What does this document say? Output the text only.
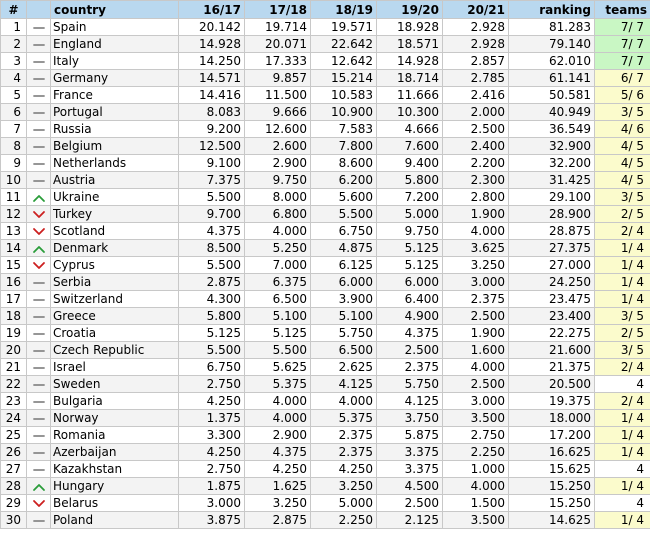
#		country	16/17	17/18	18/19	19/20	20/21	ranking	teams
1		Spain	20.142	19.714	19.571	18.928	2.928	81.283	7/ 7
2		England	14.928	20.071	22.642	18.571	2.928	79.140	7/ 7
3		Italy	14.250	17.333	12.642	14.928	2.857	62.010	7/ 7
4		Germany	14.571	9.857	15.214	18.714	2.785	61.141	6/ 7
5		France	14.416	11.500	10.583	11.666	2.416	50.581	5/ 6
6		Portugal	8.083	9.666	10.900	10.300	2.000	40.949	3/ 5
7		Russia	9.200	12.600	7.583	4.666	2.500	36.549	4/ 6
8		Belgium	12.500	2.600	7.800	7.600	2.400	32.900	4/ 5
9		Netherlands	9.100	2.900	8.600	9.400	2.200	32.200	4/ 5
10		Austria	7.375	9.750	6.200	5.800	2.300	31.425	4/ 5
11		Ukraine	5.500	8.000	5.600	7.200	2.800	29.100	3/ 5
12		Turkey	9.700	6.800	5.500	5.000	1.900	28.900	2/ 5
13		Scotland	4.375	4.000	6.750	9.750	4.000	28.875	2/ 4
14		Denmark	8.500	5.250	4.875	5.125	3.625	27.375	1/ 4
15		Cyprus	5.500	7.000	6.125	5.125	3.250	27.000	1/ 4
16		Serbia	2.875	6.375	6.000	6.000	3.000	24.250	1/ 4
17		Switzerland	4.300	6.500	3.900	6.400	2.375	23.475	1/ 4
18		Greece	5.800	5.100	5.100	4.900	2.500	23.400	3/ 5
19		Croatia	5.125	5.125	5.750	4.375	1.900	22.275	2/ 5
20		Czech Republic	5.500	5.500	6.500	2.500	1.600	21.600	3/ 5
21		Israel	6.750	5.625	2.625	2.375	4.000	21.375	2/ 4
22		Sweden	2.750	5.375	4.125	5.750	2.500	20.500	4
23		Bulgaria	4.250	4.000	4.000	4.125	3.000	19.375	2/ 4
24		Norway	1.375	4.000	5.375	3.750	3.500	18.000	1/ 4
25		Romania	3.300	2.900	2.375	5.875	2.750	17.200	1/ 4
26		Azerbaijan	4.250	4.375	2.375	3.375	2.250	16.625	1/ 4
27		Kazakhstan	2.750	4.250	4.250	3.375	1.000	15.625	4
28		Hungary	1.875	1.625	3.250	4.500	4.000	15.250	1/ 4
29		Belarus	3.000	3.250	5.000	2.500	1.500	15.250	4
30		Poland	3.875	2.875	2.250	2.125	3.500	14.625	1/ 4
